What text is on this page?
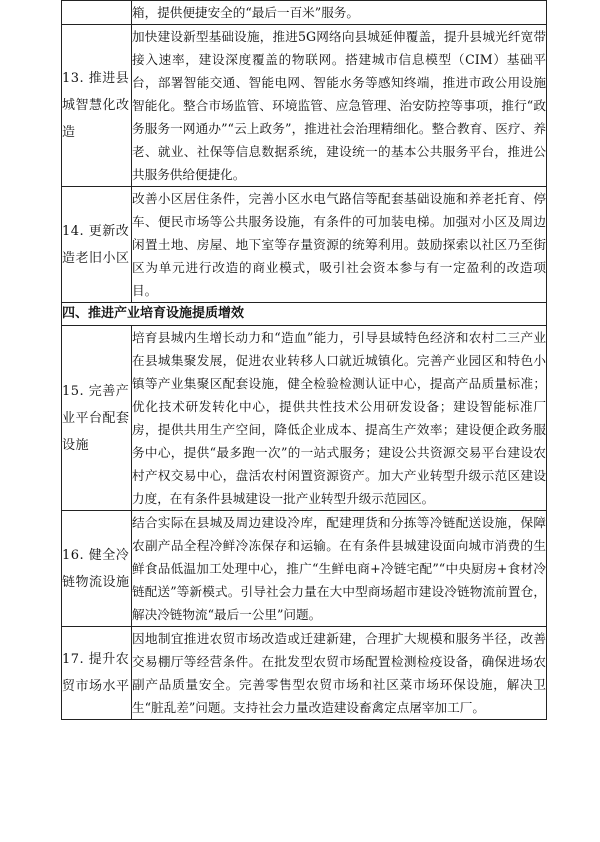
	箱，提供便捷安全的“最后一百米”服务。
13. 推进县城智慧化改造	加快建设新型基础设施，推进5G网络向县城延伸覆盖，提升县城光纤宽带接入速率，建设深度覆盖的物联网。搭建城市信息模型（CIM）基础平台，部署智能交通、智能电网、智能水务等感知终端，推进市政公用设施智能化。整合市场监管、环境监管、应急管理、治安防控等事项，推行“政务服务一网通办”“云上政务”，推进社会治理精细化。整合教育、医疗、养老、就业、社保等信息数据系统，建设统一的基本公共服务平台，推进公共服务供给便捷化。
14. 更新改造老旧小区	改善小区居住条件，完善小区水电气路信等配套基础设施和养老托育、停车、便民市场等公共服务设施，有条件的可加装电梯。加强对小区及周边闲置土地、房屋、地下室等存量资源的统筹利用。鼓励探索以社区乃至街区为单元进行改造的商业模式，吸引社会资本参与有一定盈利的改造项目。
四、推进产业培育设施提质增效	
15. 完善产业平台配套设施	培育县城内生增长动力和“造血”能力，引导县域特色经济和农村二三产业在县城集聚发展，促进农业转移人口就近城镇化。完善产业园区和特色小镇等产业集聚区配套设施，健全检验检测认证中心，提高产品质量标准；优化技术研发转化中心，提供共性技术公用研发设备；建设智能标准厂房，提供共用生产空间，降低企业成本、提高生产效率；建设便企政务服务中心，提供“最多跑一次”的一站式服务；建设公共资源交易平台建设农村产权交易中心，盘活农村闲置资源资产。加大产业转型升级示范区建设力度，在有条件县城建设一批产业转型升级示范园区。
16. 健全冷链物流设施	结合实际在县城及周边建设冷库，配建理货和分拣等冷链配送设施，保障农副产品全程冷鲜冷冻保存和运输。在有条件县城建设面向城市消费的生鲜食品低温加工处理中心，推广“生鲜电商+冷链宅配”“中央厨房+食材冷链配送”等新模式。引导社会力量在大中型商场超市建设冷链物流前置仓，解决冷链物流“最后一公里”问题。
17. 提升农贸市场水平	因地制宜推进农贸市场改造或迁建新建，合理扩大规模和服务半径，改善交易棚厅等经营条件。在批发型农贸市场配置检测检疫设备，确保进场农副产品质量安全。完善零售型农贸市场和社区菜市场环保设施，解决卫生“脏乱差”问题。支持社会力量改造建设畜禽定点屠宰加工厂。
